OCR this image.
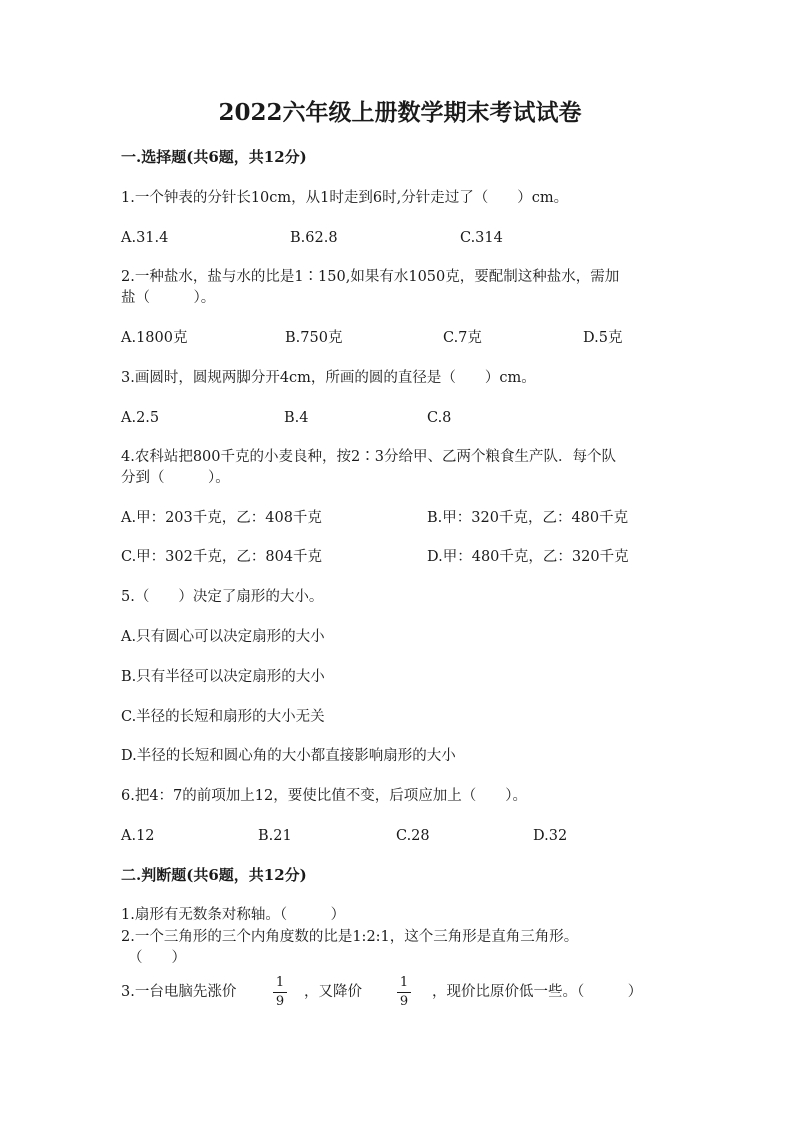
2022六年级上册数学期末考试试卷
一.选择题(共6题，共12分)
1.一个钟表的分针长10cm，从1时走到6时,分针走过了（　　）cm。
A.31.4	B.62.8	C.314
2.一种盐水，盐与水的比是1∶150,如果有水1050克，要配制这种盐水，需加
盐（　　　）。
A.1800克	B.750克	C.7克	D.5克
3.画圆时，圆规两脚分开4cm，所画的圆的直径是（　　）cm。
A.2.5	B.4	C.8
4.农科站把800千克的小麦良种，按2∶3分给甲、乙两个粮食生产队．每个队
分到（　　　）。
A.甲：203千克，乙：408千克	B.甲：320千克，乙：480千克
C.甲：302千克，乙：804千克	D.甲：480千克，乙：320千克
5.（　　）决定了扇形的大小。
A.只有圆心可以决定扇形的大小
B.只有半径可以决定扇形的大小
C.半径的长短和扇形的大小无关
D.半径的长短和圆心角的大小都直接影响扇形的大小
6.把4：7的前项加上12，要使比值不变，后项应加上（　　）。
A.12	B.21	C.28	D.32
二.判断题(共6题，共12分)
1.扇形有无数条对称轴。（　　　）
2.一个三角形的三个内角度数的比是1:2:1，这个三角形是直角三角形。
（　　）
3.一台电脑先涨价
1
9
，又降价
1
9
，现价比原价低一些。（　　　）
